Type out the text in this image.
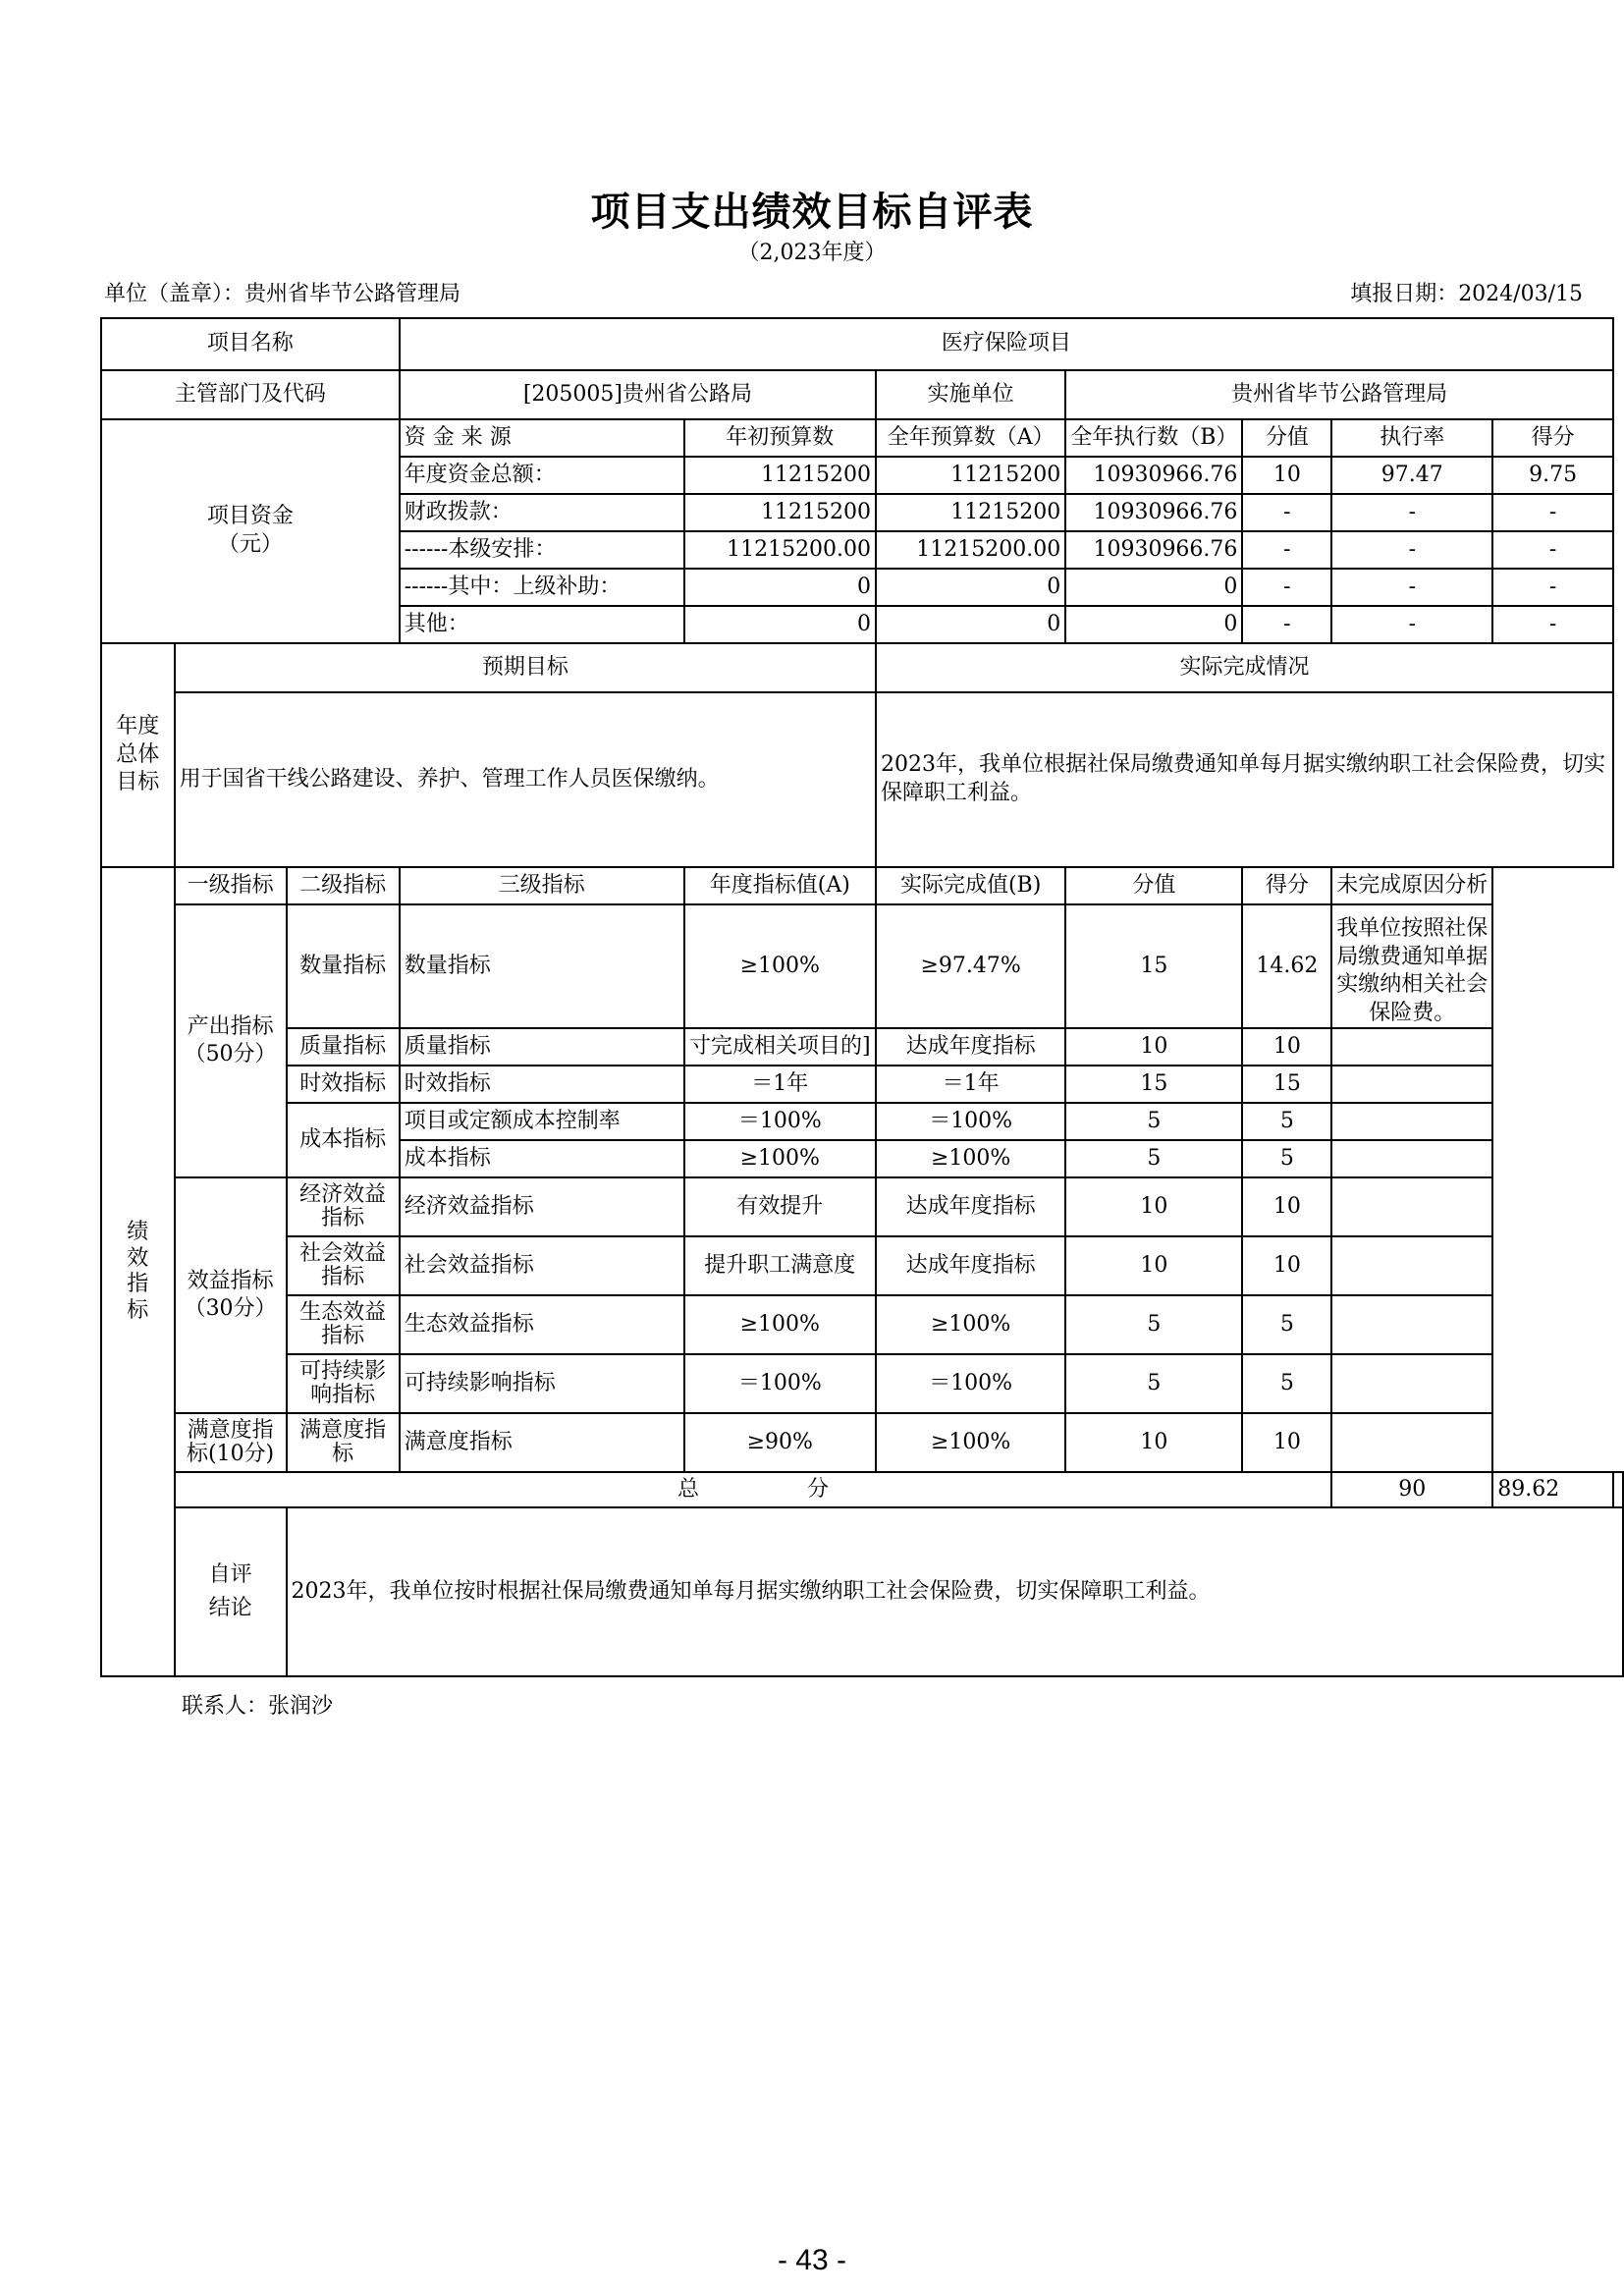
项目支出绩效目标自评表
（2,023年度）
单位（盖章）：贵州省毕节公路管理局	填报日期：2024/03/15
项目名称			医疗保险项目							
主管部门及代码			[205005]贵州省公路局		实施单位	贵州省毕节公路管理局				

项目资金
（元）			资 金 来 源	年初预算数	全年预算数（A）	全年执行数（B）	分值	执行率	得分	
			年度资金总额：	11215200	11215200	10930966.76	10	97.47	9.75	
			财政拨款：	11215200	11215200	10930966.76	-	-	-	
			------本级安排：	11215200.00	11215200.00	10930966.76	-	-	-	
			------其中：上级补助：	0	0	0	-	-	-	
			其他：	0	0	0	-	-	-	
年度总体目标	预期目标				实际完成情况					
	用于国省干线公路建设、养护、管理工作人员医保缴纳。				2023年，我单位根据社保局缴费通知单每月据实缴纳职工社会保险费，切实保障职工利益。					
绩效指标	一级指标	二级指标	三级指标	年度指标值(A)	实际完成值(B)	分值	得分	未完成原因分析		
	产出指标（50分）	数量指标	数量指标	≥100%	≥97.47%	15	14.62	我单位按照社保局缴费通知单据实缴纳相关社会保险费。		
		质量指标	质量指标	寸完成相关项目的]	达成年度指标	10	10			
		时效指标	时效指标	＝1年	＝1年	15	15			
		成本指标	项目或定额成本控制率	＝100%	＝100%	5	5			
			成本指标	≥100%	≥100%	5	5			
	效益指标（30分）	经济效益指标	经济效益指标	有效提升	达成年度指标	10	10			
		社会效益指标	社会效益指标	提升职工满意度	达成年度指标	10	10			
		生态效益指标	生态效益指标	≥100%	≥100%	5	5			
		可持续影响指标	可持续影响指标	＝100%	＝100%	5	5			
	满意度指标(10分)	满意度指标	满意度指标	≥90%	≥100%	10	10			
	总　　　　　分							90	89.62	
	自评结论	2023年，我单位按时根据社保局缴费通知单每月据实缴纳职工社会保险费，切实保障职工利益。								
联系人：张润沙
- 43 -
